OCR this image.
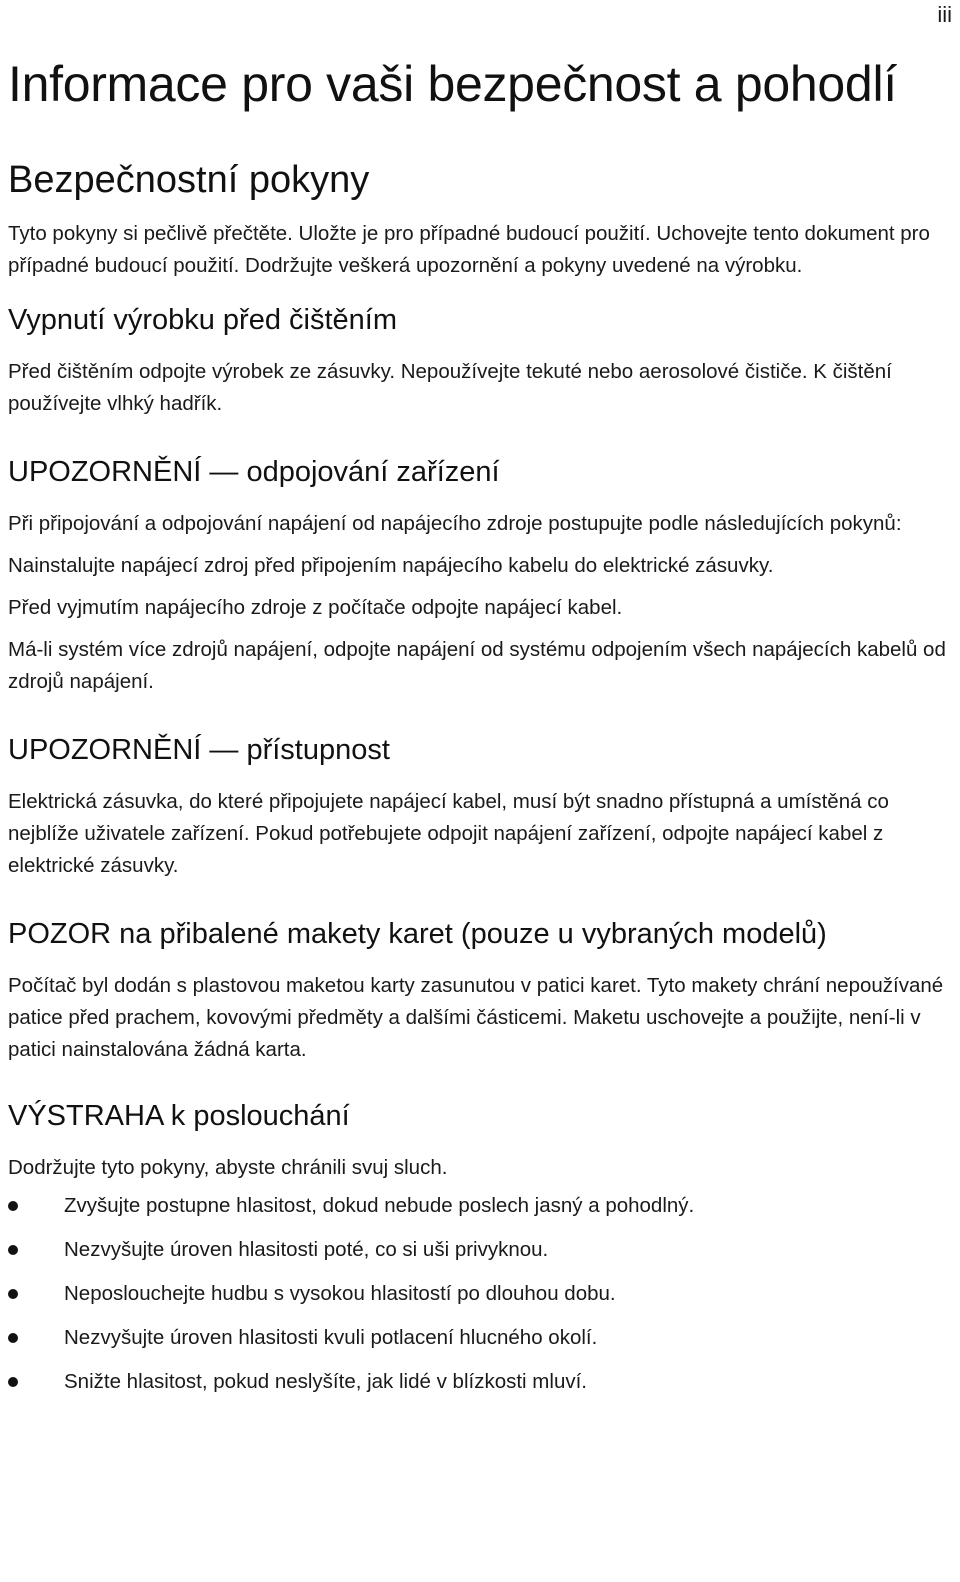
iii
Informace pro vaši bezpečnost a pohodlí
Bezpečnostní pokyny

Tyto pokyny si pečlivě přečtěte. Uložte je pro případné budoucí použití. Uchovejte tento dokument pro případné budoucí použití. Dodržujte veškerá upozornění a pokyny uvedené na výrobku.

Vypnutí výrobku před čištěním

Před čištěním odpojte výrobek ze zásuvky. Nepoužívejte tekuté nebo aerosolové čističe. K čištění používejte vlhký hadřík.

UPOZORNĚNÍ — odpojování zařízení

Při připojování a odpojování napájení od napájecího zdroje postupujte podle následujících pokynů:

Nainstalujte napájecí zdroj před připojením napájecího kabelu do elektrické zásuvky.

Před vyjmutím napájecího zdroje z počítače odpojte napájecí kabel.

Má-li systém více zdrojů napájení, odpojte napájení od systému odpojením všech napájecích kabelů od zdrojů napájení.

UPOZORNĚNÍ — přístupnost

Elektrická zásuvka, do které připojujete napájecí kabel, musí být snadno přístupná a umístěná co nejblíže uživatele zařízení. Pokud potřebujete odpojit napájení zařízení, odpojte napájecí kabel z elektrické zásuvky.

POZOR na přibalené makety karet (pouze u vybraných modelů)

Počítač byl dodán s plastovou maketou karty zasunutou v patici karet. Tyto makety chrání nepoužívané patice před prachem, kovovými předměty a dalšími částicemi. Maketu uschovejte a použijte, není-li v patici nainstalována žádná karta.

VÝSTRAHA k poslouchání

Dodržujte tyto pokyny, abyste chránili svuj sluch.

Zvyšujte postupne hlasitost, dokud nebude poslech jasný a pohodlný.
Nezvyšujte úroven hlasitosti poté, co si uši privyknou.
Neposlouchejte hudbu s vysokou hlasitostí po dlouhou dobu.
Nezvyšujte úroven hlasitosti kvuli potlacení hlucného okolí.
Snižte hlasitost, pokud neslyšíte, jak lidé v blízkosti mluví.
